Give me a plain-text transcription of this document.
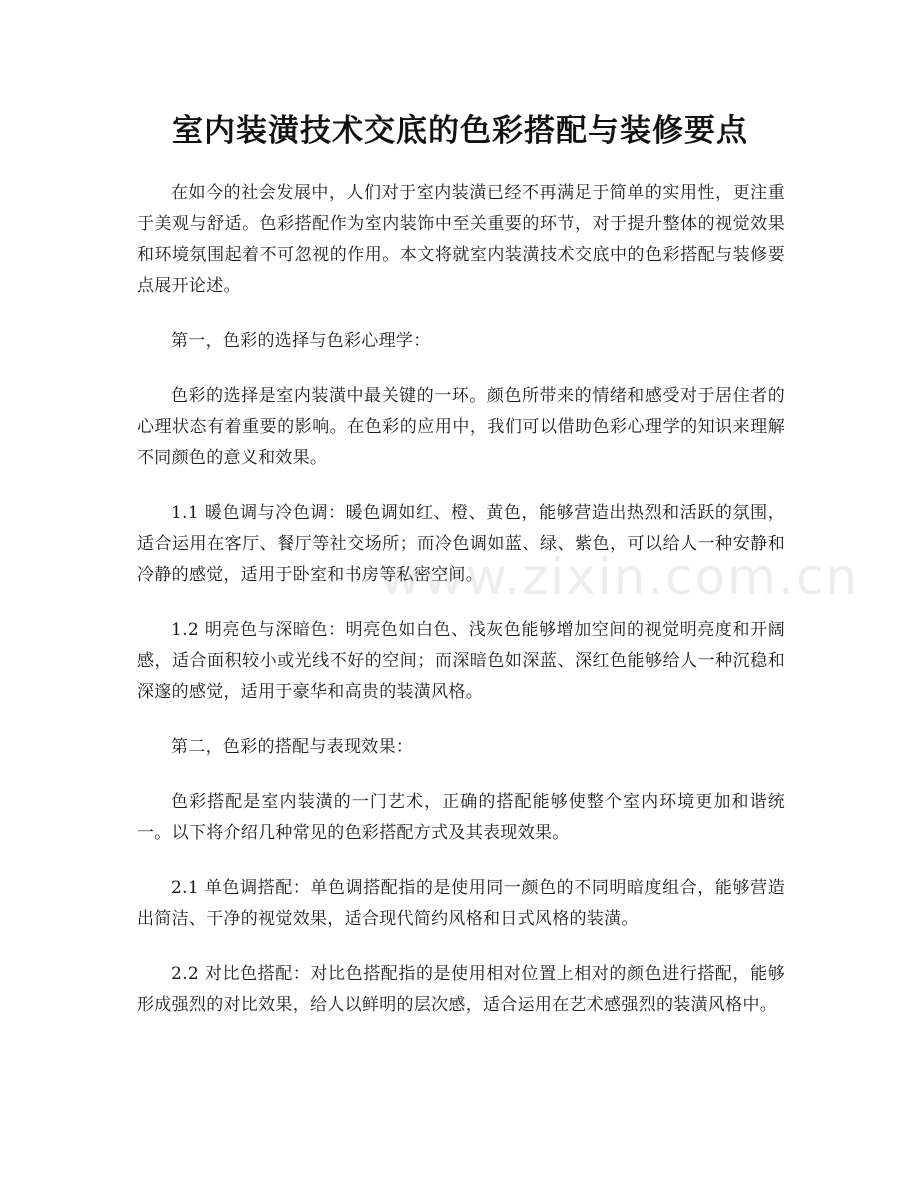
室内装潢技术交底的色彩搭配与装修要点
www.zixin.com.cn

在如今的社会发展中，人们对于室内装潢已经不再满足于简单的实用性，更注重于美观与舒适。色彩搭配作为室内装饰中至关重要的环节，对于提升整体的视觉效果和环境氛围起着不可忽视的作用。本文将就室内装潢技术交底中的色彩搭配与装修要点展开论述。

第一，色彩的选择与色彩心理学：

色彩的选择是室内装潢中最关键的一环。颜色所带来的情绪和感受对于居住者的心理状态有着重要的影响。在色彩的应用中，我们可以借助色彩心理学的知识来理解不同颜色的意义和效果。

1.1 暖色调与冷色调：暖色调如红、橙、黄色，能够营造出热烈和活跃的氛围，适合运用在客厅、餐厅等社交场所；而冷色调如蓝、绿、紫色，可以给人一种安静和冷静的感觉，适用于卧室和书房等私密空间。

1.2 明亮色与深暗色：明亮色如白色、浅灰色能够增加空间的视觉明亮度和开阔感，适合面积较小或光线不好的空间；而深暗色如深蓝、深红色能够给人一种沉稳和深邃的感觉，适用于豪华和高贵的装潢风格。

第二，色彩的搭配与表现效果：

色彩搭配是室内装潢的一门艺术，正确的搭配能够使整个室内环境更加和谐统一。以下将介绍几种常见的色彩搭配方式及其表现效果。

2.1 单色调搭配：单色调搭配指的是使用同一颜色的不同明暗度组合，能够营造出简洁、干净的视觉效果，适合现代简约风格和日式风格的装潢。

2.2 对比色搭配：对比色搭配指的是使用相对位置上相对的颜色进行搭配，能够形成强烈的对比效果，给人以鲜明的层次感，适合运用在艺术感强烈的装潢风格中。
